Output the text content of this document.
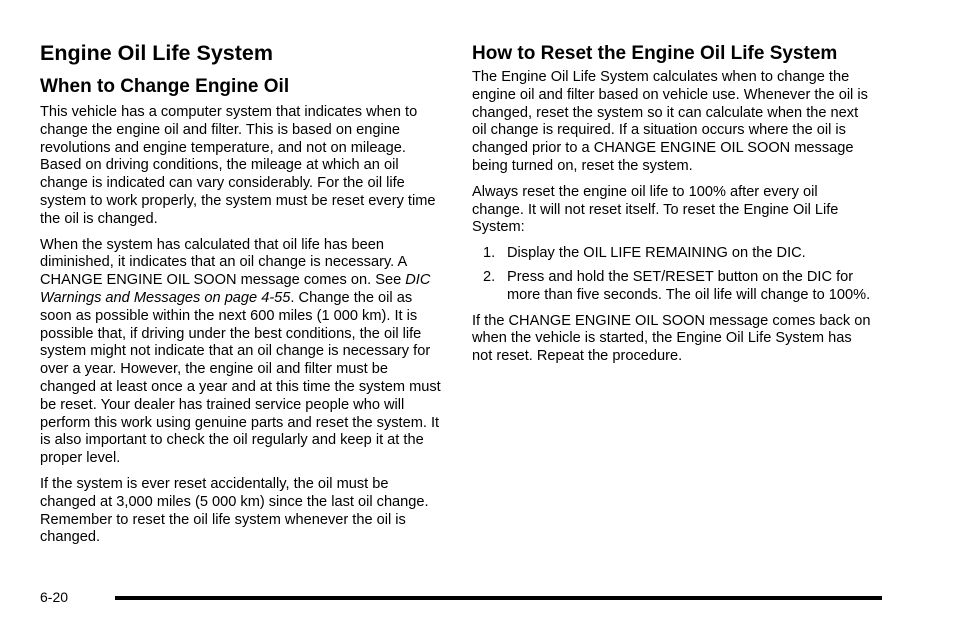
Engine Oil Life System
When to Change Engine Oil

This vehicle has a computer system that indicates when to change the engine oil and filter. This is based on engine revolutions and engine temperature, and not on mileage. Based on driving conditions, the mileage at which an oil change is indicated can vary considerably. For the oil life system to work properly, the system must be reset every time the oil is changed.

When the system has calculated that oil life has been diminished, it indicates that an oil change is necessary. A CHANGE ENGINE OIL SOON message comes on. See DIC Warnings and Messages on page 4-55. Change the oil as soon as possible within the next 600 miles (1 000 km). It is possible that, if driving under the best conditions, the oil life system might not indicate that an oil change is necessary for over a year. However, the engine oil and filter must be changed at least once a year and at this time the system must be reset. Your dealer has trained service people who will perform this work using genuine parts and reset the system. It is also important to check the oil regularly and keep it at the proper level.

If the system is ever reset accidentally, the oil must be changed at 3,000 miles (5 000 km) since the last oil change. Remember to reset the oil life system whenever the oil is changed.

How to Reset the Engine Oil Life System

The Engine Oil Life System calculates when to change the engine oil and filter based on vehicle use. Whenever the oil is changed, reset the system so it can calculate when the next oil change is required. If a situation occurs where the oil is changed prior to a CHANGE ENGINE OIL SOON message being turned on, reset the system.

Always reset the engine oil life to 100% after every oil change. It will not reset itself. To reset the Engine Oil Life System:

1. Display the OIL LIFE REMAINING on the DIC.
2. Press and hold the SET/RESET button on the DIC for more than five seconds. The oil life will change to 100%.

If the CHANGE ENGINE OIL SOON message comes back on when the vehicle is started, the Engine Oil Life System has not reset. Repeat the procedure.

6-20
